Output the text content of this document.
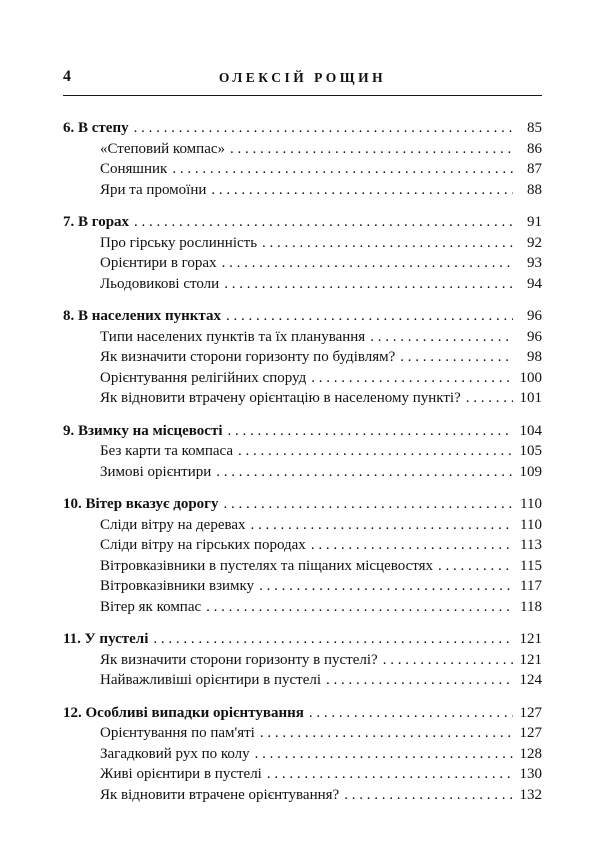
4	ОЛЕКСІЙ РОЩИН
6. В степу . . .	85
«Степовий компас» . . .	86
Соняшник . . .	87
Яри та промоїни . . .	88
7. В горах . . .	91
Про гірську рослинність . . .	92
Орієнтири в горах . . .	93
Льодовикові столи . . .	94
8. В населених пунктах . . .	96
Типи населених пунктів та їх планування . . .	96
Як визначити сторони горизонту по будівлям? . . .	98
Орієнтування релігійних споруд . . .	100
Як відновити втрачену орієнтацію в населеному пункті? . . .	101
9. Взимку на місцевості . . .	104
Без карти та компаса . . .	105
Зимові орієнтири . . .	109
10. Вітер вказує дорогу . . .	110
Сліди вітру на деревах . . .	110
Сліди вітру на гірських породах . . .	113
Вітровказівники в пустелях та піщаних місцевостях . . .	115
Вітровказівники взимку . . .	117
Вітер як компас . . .	118
11. У пустелі . . .	121
Як визначити сторони горизонту в пустелі? . . .	121
Найважливіші орієнтири в пустелі . . .	124
12. Особливі випадки орієнтування . . .	127
Орієнтування по пам'яті . . .	127
Загадковий рух по колу . . .	128
Живі орієнтири в пустелі . . .	130
Як відновити втрачене орієнтування? . . .	132
